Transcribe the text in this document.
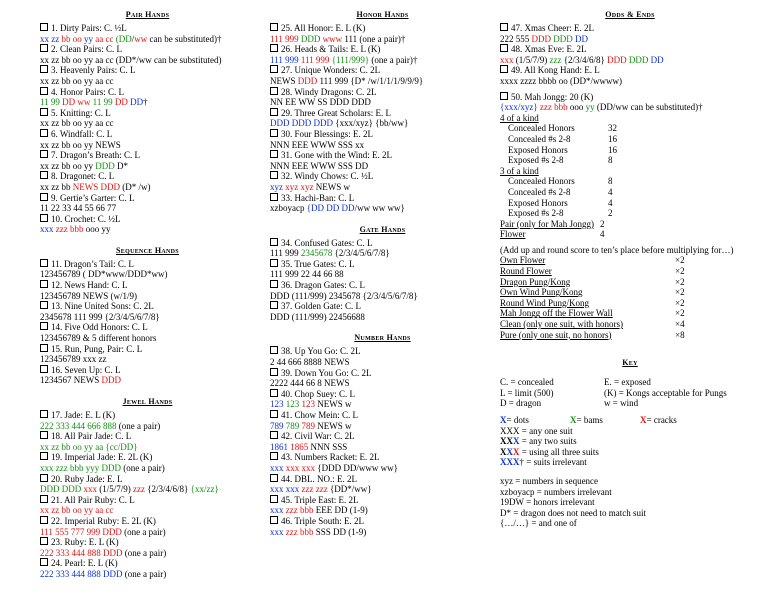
Pair Hands
1. Dirty Pairs: C. ½L
xx zz bb oo yy aa cc (DD/ww can be substituted)†
2. Clean Pairs: C. L
xx zz bb oo yy aa cc (DD*/ww can be substituted)
3. Heavenly Pairs: C. L
xx zz bb oo yy aa cc
4. Honor Pairs: C. L
11 99 DD ww 11 99 DD DD†
5. Knitting: C. L
xx zz bb oo yy aa cc
6. Windfall: C. L
xx zz bb oo yy NEWS
7. Dragon’s Breath: C. L
xx zz bb oo yy DDD D*
8. Dragonet: C. L
xx zz bb NEWS DDD (D* /w)
9. Gertie’s Garter: C. L
11 22 33 44 55 66 77
10. Crochet: C. ½L
xxx zzz bbb ooo yy
Sequence Hands
11. Dragon’s Tail: C. L
123456789 ( DD*www/DDD*ww)
12. News Hand: C. L
123456789 NEWS (w/1/9)
13. Nine United Sons: C. 2L
2345678 111 999 {2/3/4/5/6/7/8}
14. Five Odd Honors: C. L
123456789 & 5 different honors
15. Run, Pung, Pair: C. L
123456789 xxx zz
16. Seven Up: C. L
1234567 NEWS DDD
Jewel Hands
17. Jade: E. L (K)
222 333 444 666 888 (one a pair)
18. All Pair Jade: C. L
xx zz bb oo yy aa {cc/DD}
19. Imperial Jade: E. 2L (K)
xxx zzz bbb yyy DDD (one a pair)
20. Ruby Jade: E. L
DDD DDD xxx (1/5/7/9) zzz {2/3/4/6/8} {xx/zz}
21. All Pair Ruby: C. L
xx zz bb oo yy aa cc
22. Imperial Ruby: E. 2L (K)
111 555 777 999 DDD (one a pair)
23. Ruby: E. L (K)
222 333 444 888 DDD (one a pair)
24. Pearl: E. L (K)
222 333 444 888 DDD (one a pair)
Honor Hands
25. All Honor: E. L (K)
111 999 DDD www 111 (one a pair)†
26. Heads & Tails: E. L (K)
111 999 111 999 {111/999} (one a pair)†
27. Unique Wonders: C. 2L
NEWS DDD 111 999 {D* /w/1/1/1/9/9/9}
28. Windy Dragons: C. 2L
NN EE WW SS DDD DDD
29. Three Great Scholars: E. L
DDD DDD DDD {xxx/xyz} {bb/ww}
30. Four Blessings: E. 2L
NNN EEE WWW SSS xx
31. Gone with the Wind: E. 2L
NNN EEE WWW SSS DD
32. Windy Chows: C. ½L
xyz xyz xyz NEWS w
33. Hachi-Ban: C. L
xzboyacp {DD DD DD/ww ww ww}
Gate Hands
34. Confused Gates: C. L
111 999 2345678 {2/3/4/5/6/7/8}
35. True Gates: C. L
111 999 22 44 66 88
36. Dragon Gates: C. L
DDD (111/999) 2345678 {2/3/4/5/6/7/8}
37. Golden Gate: C. L
DDD (111/999) 22456688
Number Hands
38. Up You Go: C. 2L
2 44 666 8888 NEWS
39. Down You Go: C. 2L
2222 444 66 8 NEWS
40. Chop Suey: C. L
123 123 123 NEWS w
41. Chow Mein: C. L
789 789 789 NEWS w
42. Civil War: C. 2L
1861 1865 NNN SSS
43. Numbers Racket: E. 2L
xxx xxx xxx {DDD DD/www ww}
44. DBL. NO.: E. 2L
xxx xxx zzz zzz {DD*/ww}
45. Triple East: E. 2L
xxx zzz bbb EEE DD (1-9)
46. Triple South: E. 2L
xxx zzz bbb SSS DD (1-9)
Odds & Ends
47. Xmas Cheer: E. 2L
222 555 DDD DDD DD
48. Xmas Eve: E. 2L
xxx (1/5/7/9) zzz {2/3/4/6/8} DDD DDD DD
49. All Kong Hand: E. L
xxxx zzzz bbbb oo (DD*/wwww)
50. Mah Jongg: 20 (K)
{xxx/xyz} zzz bbb ooo yy (DD/ww can be substituted)†
4 of a kind
Concealed Honors	32
Concealed #s 2-8	16
Exposed Honors	16
Exposed #s 2-8	8
3 of a kind
Concealed Honors	8
Concealed #s 2-8	4
Exposed Honors	4
Exposed #s 2-8	2
Pair (only for Mah Jongg) 2
Flower	4
(Add up and round score to ten’s place before multiplying for…)
Own Flower	×2
Round Flower	×2
Dragon Pung/Kong	×2
Own Wind Pung/Kong	×2
Round Wind Pung/Kong	×2
Mah Jongg off the Flower Wall	×2
Clean (only one suit, with honors)	×4
Pure (only one suit, no honors)	×8
Key
C. = concealed	E. = exposed
L = limit (500)	(K) = Kongs acceptable for Pungs
D = dragon	w = wind
X= dots	X= bams	X= cracks
XXX = any one suit
XXX = any two suits
XXX = using all three suits
XXX† = suits irrelevant
xyz = numbers in sequence
xzboyacp = numbers irrelevant
19DW = honors irrelevant
D* = dragon does not need to match suit
{…/…} = and one of
